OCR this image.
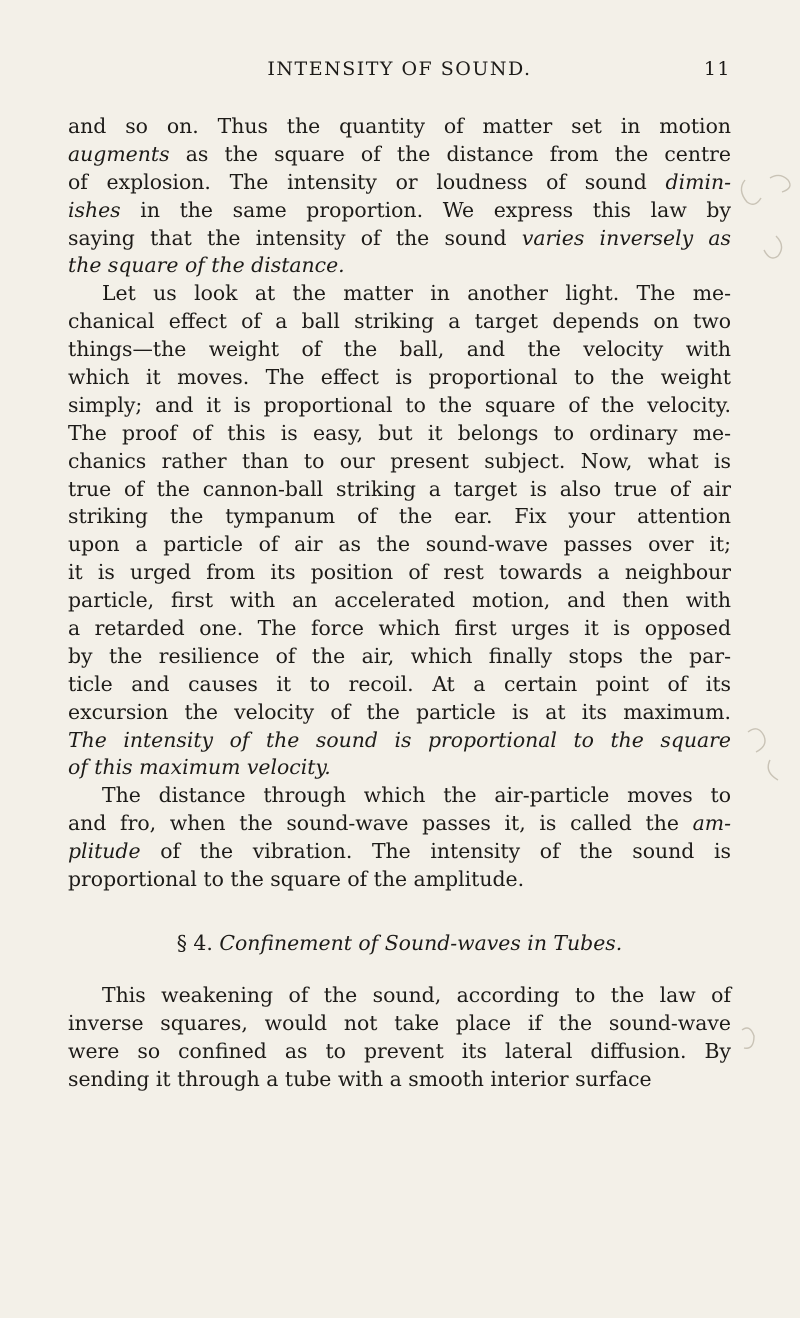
INTENSITY OF SOUND.	11
and so on. Thus the quantity of matter set in motion
augments as the square of the distance from the centre
of explosion. The intensity or loudness of sound dimin-
ishes in the same proportion. We express this law by
saying that the intensity of the sound varies inversely as
the square of the distance.
Let us look at the matter in another light. The me-
chanical effect of a ball striking a target depends on two
things—the weight of the ball, and the velocity with
which it moves. The effect is proportional to the weight
simply; and it is proportional to the square of the velocity.
The proof of this is easy, but it belongs to ordinary me-
chanics rather than to our present subject. Now, what is
true of the cannon-ball striking a target is also true of air
striking the tympanum of the ear. Fix your attention
upon a particle of air as the sound-wave passes over it;
it is urged from its position of rest towards a neighbour
particle, first with an accelerated motion, and then with
a retarded one. The force which first urges it is opposed
by the resilience of the air, which finally stops the par-
ticle and causes it to recoil. At a certain point of its
excursion the velocity of the particle is at its maximum.
The intensity of the sound is proportional to the square
of this maximum velocity.
The distance through which the air-particle moves to
and fro, when the sound-wave passes it, is called the am-
plitude of the vibration. The intensity of the sound is
proportional to the square of the amplitude.
§ 4. Confinement of Sound-waves in Tubes.
This weakening of the sound, according to the law of
inverse squares, would not take place if the sound-wave
were so confined as to prevent its lateral diffusion. By
sending it through a tube with a smooth interior surface
